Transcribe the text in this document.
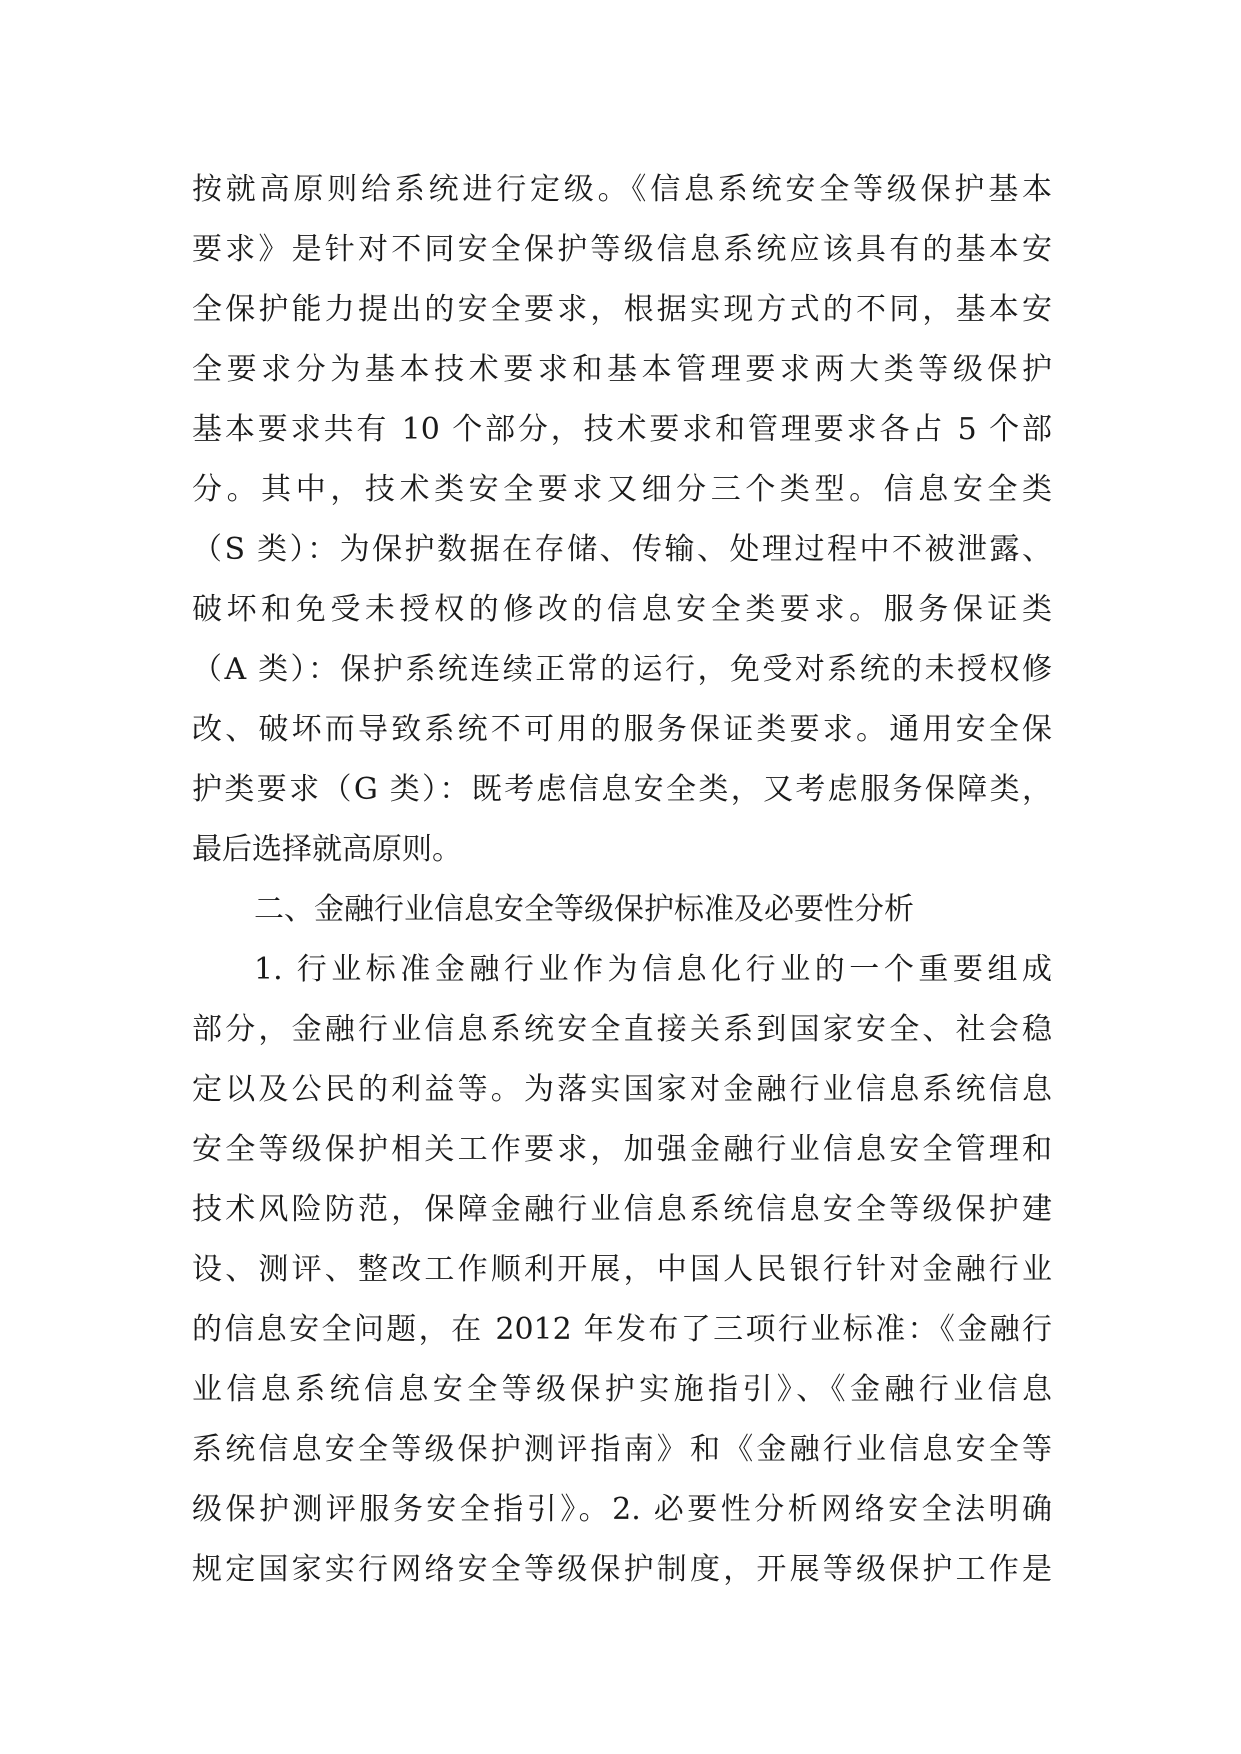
按就高原则给系统进行定级。《信息系统安全等级保护基本
要求》是针对不同安全保护等级信息系统应该具有的基本安
全保护能力提出的安全要求，根据实现方式的不同，基本安
全要求分为基本技术要求和基本管理要求两大类等级保护
基本要求共有 10 个部分，技术要求和管理要求各占 5 个部
分。其中，技术类安全要求又细分三个类型。信息安全类
（S 类）：为保护数据在存储、传输、处理过程中不被泄露、
破坏和免受未授权的修改的信息安全类要求。服务保证类
（A 类）：保护系统连续正常的运行，免受对系统的未授权修
改、破坏而导致系统不可用的服务保证类要求。通用安全保
护类要求（G 类）：既考虑信息安全类，又考虑服务保障类，
最后选择就高原则。
二、金融行业信息安全等级保护标准及必要性分析
1. 行业标准金融行业作为信息化行业的一个重要组成
部分，金融行业信息系统安全直接关系到国家安全、社会稳
定以及公民的利益等。为落实国家对金融行业信息系统信息
安全等级保护相关工作要求，加强金融行业信息安全管理和
技术风险防范，保障金融行业信息系统信息安全等级保护建
设、测评、整改工作顺利开展，中国人民银行针对金融行业
的信息安全问题，在 2012 年发布了三项行业标准：《金融行
业信息系统信息安全等级保护实施指引》、《金融行业信息
系统信息安全等级保护测评指南》和《金融行业信息安全等
级保护测评服务安全指引》。2. 必要性分析网络安全法明确
规定国家实行网络安全等级保护制度，开展等级保护工作是
